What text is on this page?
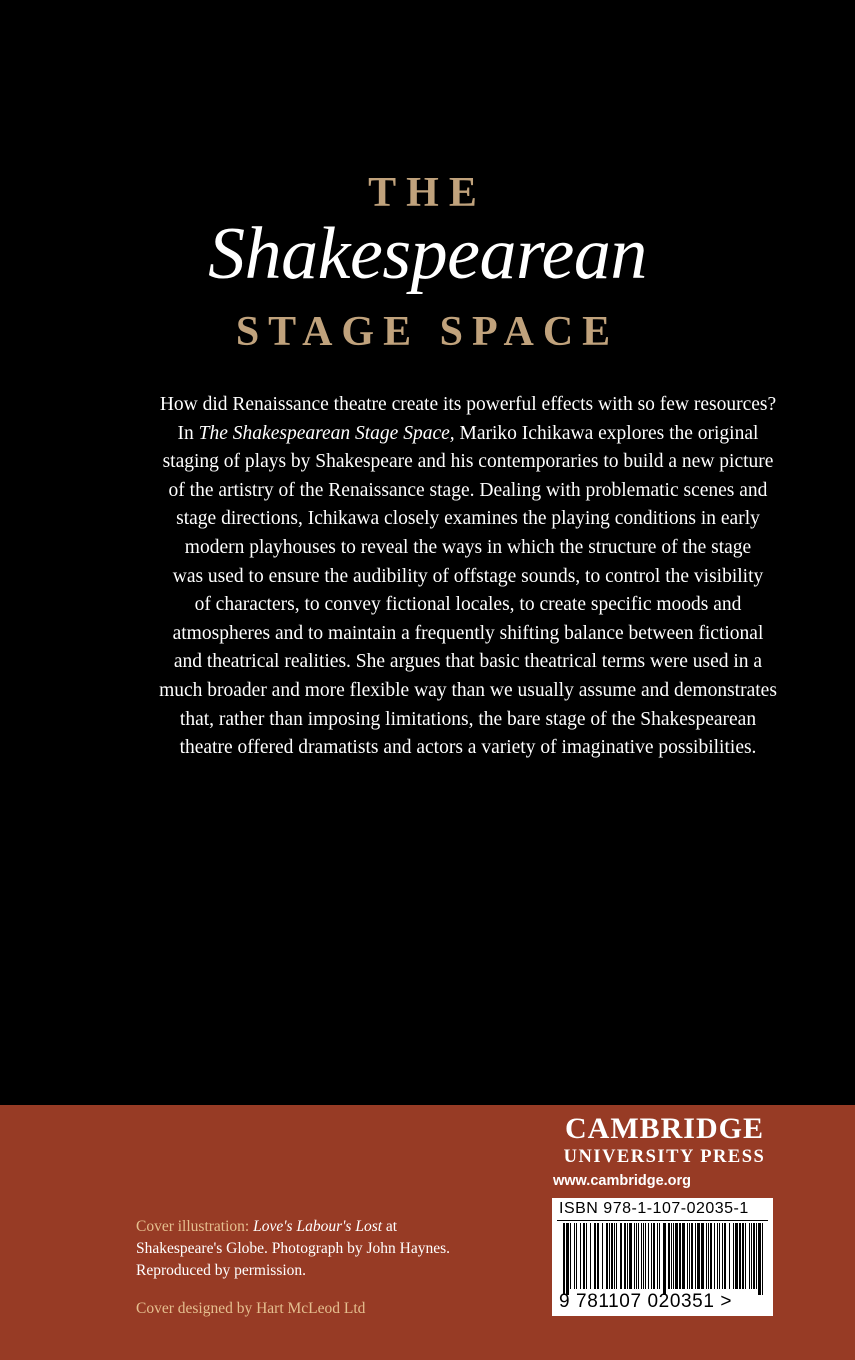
THE
Shakespearean
STAGE SPACE

How did Renaissance theatre create its powerful effects with so few resources?
In The Shakespearean Stage Space, Mariko Ichikawa explores the original
staging of plays by Shakespeare and his contemporaries to build a new picture
of the artistry of the Renaissance stage. Dealing with problematic scenes and
stage directions, Ichikawa closely examines the playing conditions in early
modern playhouses to reveal the ways in which the structure of the stage
was used to ensure the audibility of offstage sounds, to control the visibility
of characters, to convey fictional locales, to create specific moods and
atmospheres and to maintain a frequently shifting balance between fictional
and theatrical realities. She argues that basic theatrical terms were used in a
much broader and more flexible way than we usually assume and demonstrates
that, rather than imposing limitations, the bare stage of the Shakespearean
theatre offered dramatists and actors a variety of imaginative possibilities.

CAMBRIDGE
UNIVERSITY PRESS
www.cambridge.org
ISBN 978-1-107-02035-1
9 781107 020351 >
Cover illustration: Love's Labour's Lost at
Shakespeare's Globe. Photograph by John Haynes.
Reproduced by permission.
Cover designed by Hart McLeod Ltd
